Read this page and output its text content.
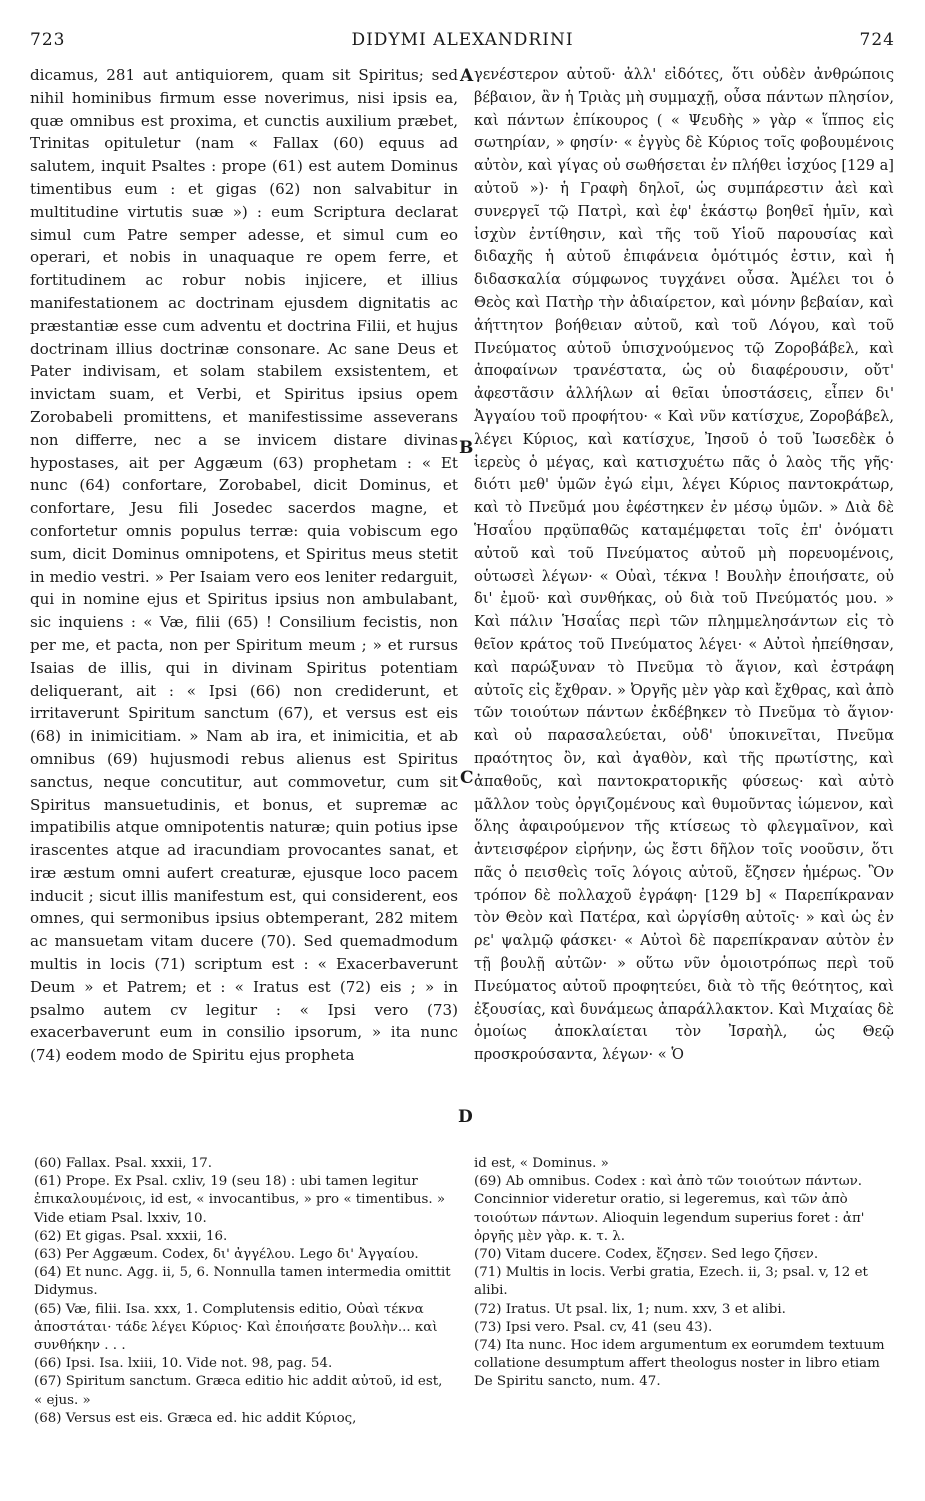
723	DIDYMI ALEXANDRINI	724

dicamus, 281 aut antiquiorem, quam sit Spiritus; sed nihil hominibus firmum esse noverimus, nisi ipsis ea, quæ omnibus est proxima, et cunctis auxilium præbet, Trinitas opituletur (nam « Fallax (60) equus ad salutem, inquit Psaltes : prope (61) est autem Dominus timentibus eum : et gigas (62) non salvabitur in multitudine virtutis suæ ») : eum Scriptura declarat simul cum Patre semper adesse, et simul cum eo operari, et nobis in unaquaque re opem ferre, et fortitudinem ac robur nobis injicere, et illius manifestationem ac doctrinam ejusdem dignitatis ac præstantiæ esse cum adventu et doctrina Filii, et hujus doctrinam illius doctrinæ consonare. Ac sane Deus et Pater indivisam, et solam stabilem exsistentem, et invictam suam, et Verbi, et Spiritus ipsius opem Zorobabeli promittens, et manifestissime asseverans non differre, nec a se invicem distare divinas hypostases, ait per Aggæum (63) prophetam : « Et nunc (64) confortare, Zorobabel, dicit Dominus, et confortare, Jesu fili Josedec sacerdos magne, et confortetur omnis populus terræ: quia vobiscum ego sum, dicit Dominus omnipotens, et Spiritus meus stetit in medio vestri. » Per Isaiam vero eos leniter redarguit, qui in nomine ejus et Spiritus ipsius non ambulabant, sic inquiens : « Væ, filii (65) ! Consilium fecistis, non per me, et pacta, non per Spiritum meum ; » et rursus Isaias de illis, qui in divinam Spiritus potentiam deliquerant, ait : « Ipsi (66) non crediderunt, et irritaverunt Spiritum sanctum (67), et versus est eis (68) in inimicitiam. » Nam ab ira, et inimicitia, et ab omnibus (69) hujusmodi rebus alienus est Spiritus sanctus, neque concutitur, aut commovetur, cum sit Spiritus mansuetudinis, et bonus, et supremæ ac impatibilis atque omnipotentis naturæ; quin potius ipse irascentes atque ad iracundiam provocantes sanat, et iræ æstum omni aufert creaturæ, ejusque loco pacem inducit ; sicut illis manifestum est, qui considerent, eos omnes, qui sermonibus ipsius obtemperant, 282 mitem ac mansuetam vitam ducere (70). Sed quemadmodum multis in locis (71) scriptum est : « Exacerbaverunt Deum » et Patrem; et : « Iratus est (72) eis ; » in psalmo autem cv legitur : « Ipsi vero (73) exacerbaverunt eum in consilio ipsorum, » ita nunc (74) eodem modo de Spiritu ejus propheta

A
B
C
D

γενέστερον αὐτοῦ· ἀλλ' εἰδότες, ὅτι οὐδὲν ἀνθρώποις βέβαιον, ἂν ἡ Τριὰς μὴ συμμαχῇ, οὖσα πάντων πλησίον, καὶ πάντων ἐπίκουρος ( « Ψευδὴς » γὰρ « ἵππος εἰς σωτηρίαν, » φησίν· « ἐγγὺς δὲ Κύριος τοῖς φοβουμένοις αὐτὸν, καὶ γίγας οὐ σωθήσεται ἐν πλήθει ἰσχύος [129 a] αὐτοῦ »)· ἡ Γραφὴ δηλοῖ, ὡς συμπάρεστιν ἀεὶ καὶ συνεργεῖ τῷ Πατρὶ, καὶ ἐφ' ἑκάστῳ βοηθεῖ ἡμῖν, καὶ ἰσχὺν ἐντίθησιν, καὶ τῆς τοῦ Υἱοῦ παρουσίας καὶ διδαχῆς ἡ αὐτοῦ ἐπιφάνεια ὁμότιμός ἐστιν, καὶ ἡ διδασκαλία σύμφωνος τυγχάνει οὖσα. Ἀμέλει τοι ὁ Θεὸς καὶ Πατὴρ τὴν ἀδιαίρετον, καὶ μόνην βεβαίαν, καὶ ἀήττητον βοήθειαν αὐτοῦ, καὶ τοῦ Λόγου, καὶ τοῦ Πνεύματος αὐτοῦ ὑπισχνούμενος τῷ Ζοροβάβελ, καὶ ἀποφαίνων τρανέστατα, ὡς οὐ διαφέρουσιν, οὔτ' ἀφεστᾶσιν ἀλλήλων αἱ θεῖαι ὑποστάσεις, εἶπεν δι' Ἀγγαίου τοῦ προφήτου· « Καὶ νῦν κατίσχυε, Ζοροβάβελ, λέγει Κύριος, καὶ κατίσχυε, Ἰησοῦ ὁ τοῦ Ἰωσεδὲκ ὁ ἱερεὺς ὁ μέγας, καὶ κατισχυέτω πᾶς ὁ λαὸς τῆς γῆς· διότι μεθ' ὑμῶν ἐγώ εἰμι, λέγει Κύριος παντοκράτωρ, καὶ τὸ Πνεῦμά μου ἐφέστηκεν ἐν μέσῳ ὑμῶν. » Διὰ δὲ Ἡσαΐου πρᾳϋπαθῶς καταμέμφεται τοῖς ἐπ' ὀνόματι αὐτοῦ καὶ τοῦ Πνεύματος αὐτοῦ μὴ πορευομένοις, οὑτωσεὶ λέγων· « Οὐαὶ, τέκνα ! Βουλὴν ἐποιήσατε, οὐ δι' ἐμοῦ· καὶ συνθήκας, οὐ διὰ τοῦ Πνεύματός μου. » Καὶ πάλιν Ἡσαΐας περὶ τῶν πλημμελησάντων εἰς τὸ θεῖον κράτος τοῦ Πνεύματος λέγει· « Αὐτοὶ ἠπείθησαν, καὶ παρώξυναν τὸ Πνεῦμα τὸ ἅγιον, καὶ ἐστράφη αὐτοῖς εἰς ἔχθραν. » Ὀργῆς μὲν γὰρ καὶ ἔχθρας, καὶ ἀπὸ τῶν τοιούτων πάντων ἐκδέβηκεν τὸ Πνεῦμα τὸ ἅγιον· καὶ οὐ παρασαλεύεται, οὐδ' ὑποκινεῖται, Πνεῦμα πραότητος ὂν, καὶ ἀγαθὸν, καὶ τῆς πρωτίστης, καὶ ἀπαθοῦς, καὶ παντοκρατορικῆς φύσεως· καὶ αὐτὸ μᾶλλον τοὺς ὀργιζομένους καὶ θυμοῦντας ἰώμενον, καὶ ὅλης ἀφαιρούμενον τῆς κτίσεως τὸ φλεγμαῖνον, καὶ ἀντεισφέρον εἰρήνην, ὡς ἔστι δῆλον τοῖς νοοῦσιν, ὅτι πᾶς ὁ πεισθεὶς τοῖς λόγοις αὐτοῦ, ἔζησεν ἡμέρως. Ὃν τρόπον δὲ πολλαχοῦ ἐγράφη· [129 b] « Παρεπίκραναν τὸν Θεὸν καὶ Πατέρα, καὶ ὠργίσθη αὐτοῖς· » καὶ ὡς ἐν ρε' ψαλμῷ φάσκει· « Αὐτοὶ δὲ παρεπίκραναν αὐτὸν ἐν τῇ βουλῇ αὐτῶν· » οὕτω νῦν ὁμοιοτρόπως περὶ τοῦ Πνεύματος αὐτοῦ προφητεύει, διὰ τὸ τῆς θεότητος, καὶ ἐξουσίας, καὶ δυνάμεως ἀπαράλλακτον. Καὶ Μιχαίας δὲ ὁμοίως ἀποκλαίεται τὸν Ἰσραὴλ, ὡς Θεῷ προσκρούσαντα, λέγων· « Ὁ

(60) Fallax. Psal. xxxii, 17.

(61) Prope. Ex Psal. cxliv, 19 (seu 18) : ubi tamen legitur ἐπικαλουμένοις, id est, « invocantibus, » pro « timentibus. » Vide etiam Psal. lxxiv, 10.

(62) Et gigas. Psal. xxxii, 16.

(63) Per Aggæum. Codex, δι' ἀγγέλου. Lego δι' Ἀγγαίου.

(64) Et nunc. Agg. ii, 5, 6. Nonnulla tamen intermedia omittit Didymus.

(65) Væ, filii. Isa. xxx, 1. Complutensis editio, Οὐαὶ τέκνα ἀποστάται· τάδε λέγει Κύριος· Καὶ ἐποιήσατε βουλὴν... καὶ συνθήκην . . .

(66) Ipsi. Isa. lxiii, 10. Vide not. 98, pag. 54.

(67) Spiritum sanctum. Græca editio hic addit αὐτοῦ, id est, « ejus. »

(68) Versus est eis. Græca ed. hic addit Κύριος,

id est, « Dominus. »

(69) Ab omnibus. Codex : καὶ ἀπὸ τῶν τοιούτων πάντων. Concinnior videretur oratio, si legeremus, καὶ τῶν ἀπὸ τοιούτων πάντων. Alioquin legendum superius foret : ἀπ' ὀργῆς μὲν γὰρ. κ. τ. λ.

(70) Vitam ducere. Codex, ἔζησεν. Sed lego ζῆσεν.

(71) Multis in locis. Verbi gratia, Ezech. ii, 3; psal. v, 12 et alibi.

(72) Iratus. Ut psal. lix, 1; num. xxv, 3 et alibi.

(73) Ipsi vero. Psal. cv, 41 (seu 43).

(74) Ita nunc. Hoc idem argumentum ex eorumdem textuum collatione desumptum affert theologus noster in libro etiam De Spiritu sancto, num. 47.
